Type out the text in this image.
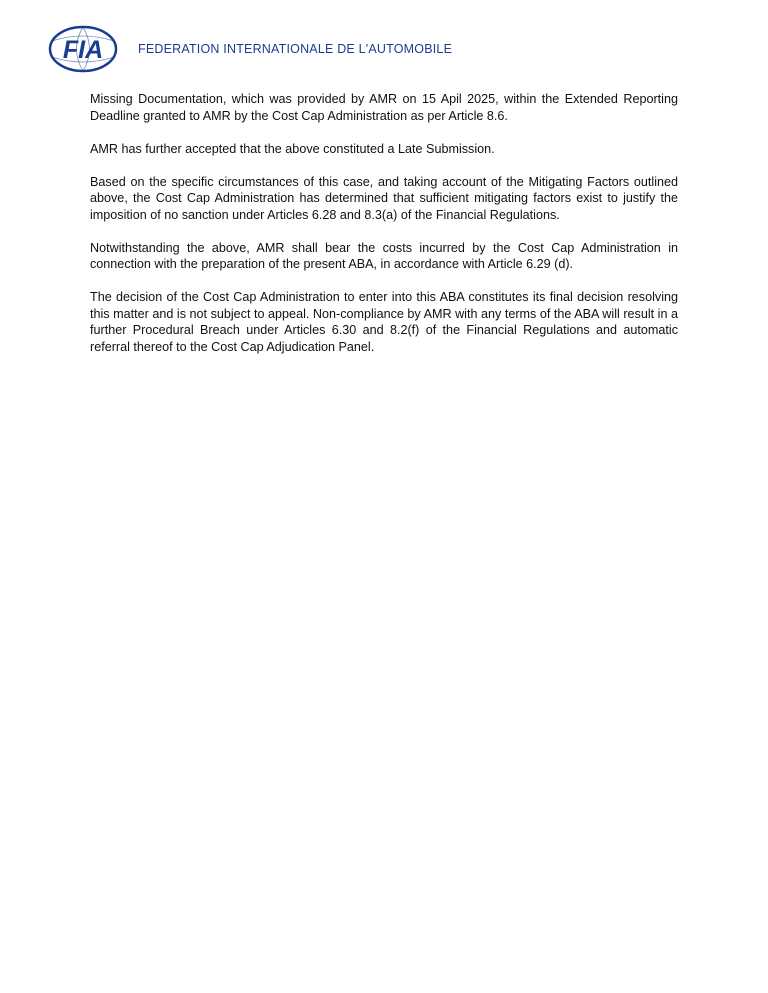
FIA	FEDERATION INTERNATIONALE DE L'AUTOMOBILE

Missing Documentation, which was provided by AMR on 15 Apil 2025, within the Extended Reporting Deadline granted to AMR by the Cost Cap Administration as per Article 8.6.

AMR has further accepted that the above constituted a Late Submission.

Based on the specific circumstances of this case, and taking account of the Mitigating Factors outlined above, the Cost Cap Administration has determined that sufficient mitigating factors exist to justify the imposition of no sanction under Articles 6.28 and 8.3(a) of the Financial Regulations.

Notwithstanding the above, AMR shall bear the costs incurred by the Cost Cap Administration in connection with the preparation of the present ABA, in accordance with Article 6.29 (d).

The decision of the Cost Cap Administration to enter into this ABA constitutes its final decision resolving this matter and is not subject to appeal. Non-compliance by AMR with any terms of the ABA will result in a further Procedural Breach under Articles 6.30 and 8.2(f) of the Financial Regulations and automatic referral thereof to the Cost Cap Adjudication Panel.
